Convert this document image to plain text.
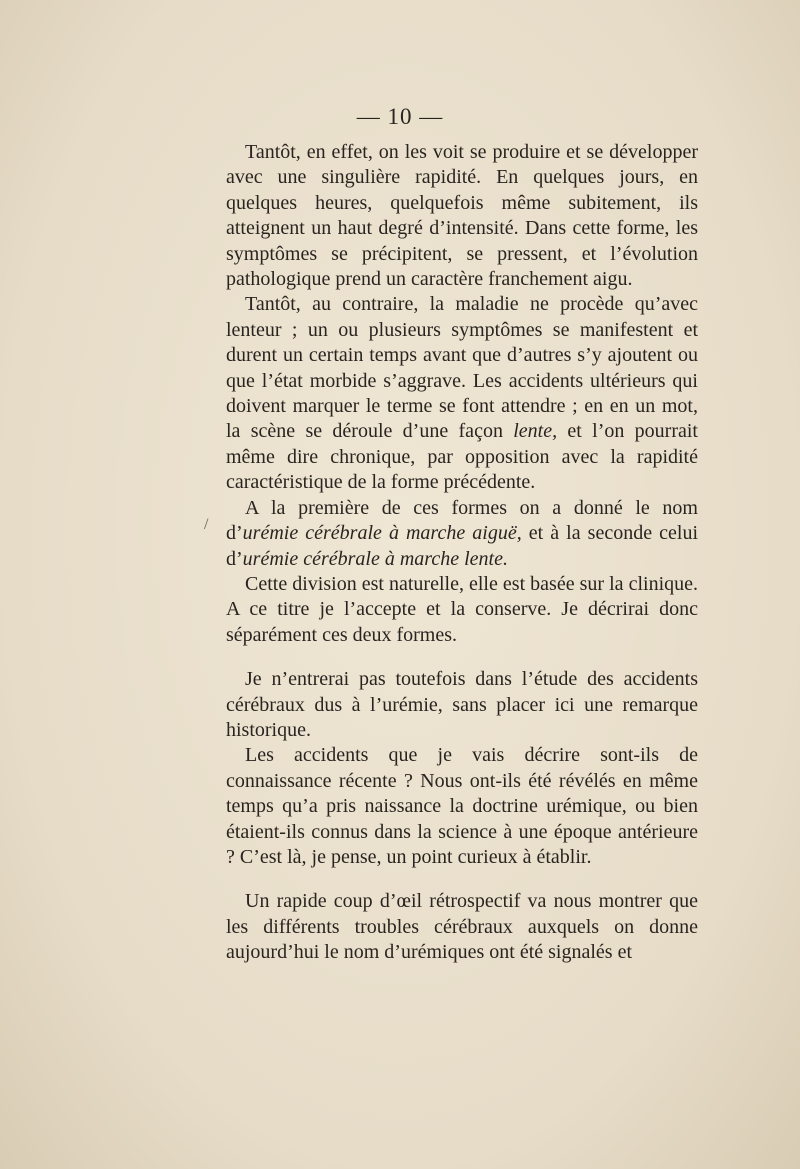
— 10 —
/

Tantôt, en effet, on les voit se produire et se développer avec une singulière rapidité. En quelques jours, en quelques heures, quelquefois même subitement, ils atteignent un haut degré d’intensité. Dans cette forme, les symptômes se précipitent, se pressent, et l’évolution pathologique prend un caractère franchement aigu.

Tantôt, au contraire, la maladie ne procède qu’avec lenteur ; un ou plusieurs symptômes se manifestent et durent un certain temps avant que d’autres s’y ajoutent ou que l’état morbide s’aggrave. Les accidents ultérieurs qui doivent marquer le terme se font attendre ; en en un mot, la scène se déroule d’une façon lente, et l’on pourrait même dire chronique, par opposition avec la rapidité caractéristique de la forme précédente.

A la première de ces formes on a donné le nom d’urémie cérébrale à marche aiguë, et à la seconde celui d’urémie cérébrale à marche lente.

Cette division est naturelle, elle est basée sur la clinique. A ce titre je l’accepte et la conserve. Je décrirai donc séparément ces deux formes.

Je n’entrerai pas toutefois dans l’étude des accidents cérébraux dus à l’urémie, sans placer ici une remarque historique.

Les accidents que je vais décrire sont-ils de connaissance récente ? Nous ont-ils été révélés en même temps qu’a pris naissance la doctrine urémique, ou bien étaient-ils connus dans la science à une époque antérieure ? C’est là, je pense, un point curieux à établir.

Un rapide coup d’œil rétrospectif va nous montrer que les différents troubles cérébraux auxquels on donne aujourd’hui le nom d’urémiques ont été signalés et
